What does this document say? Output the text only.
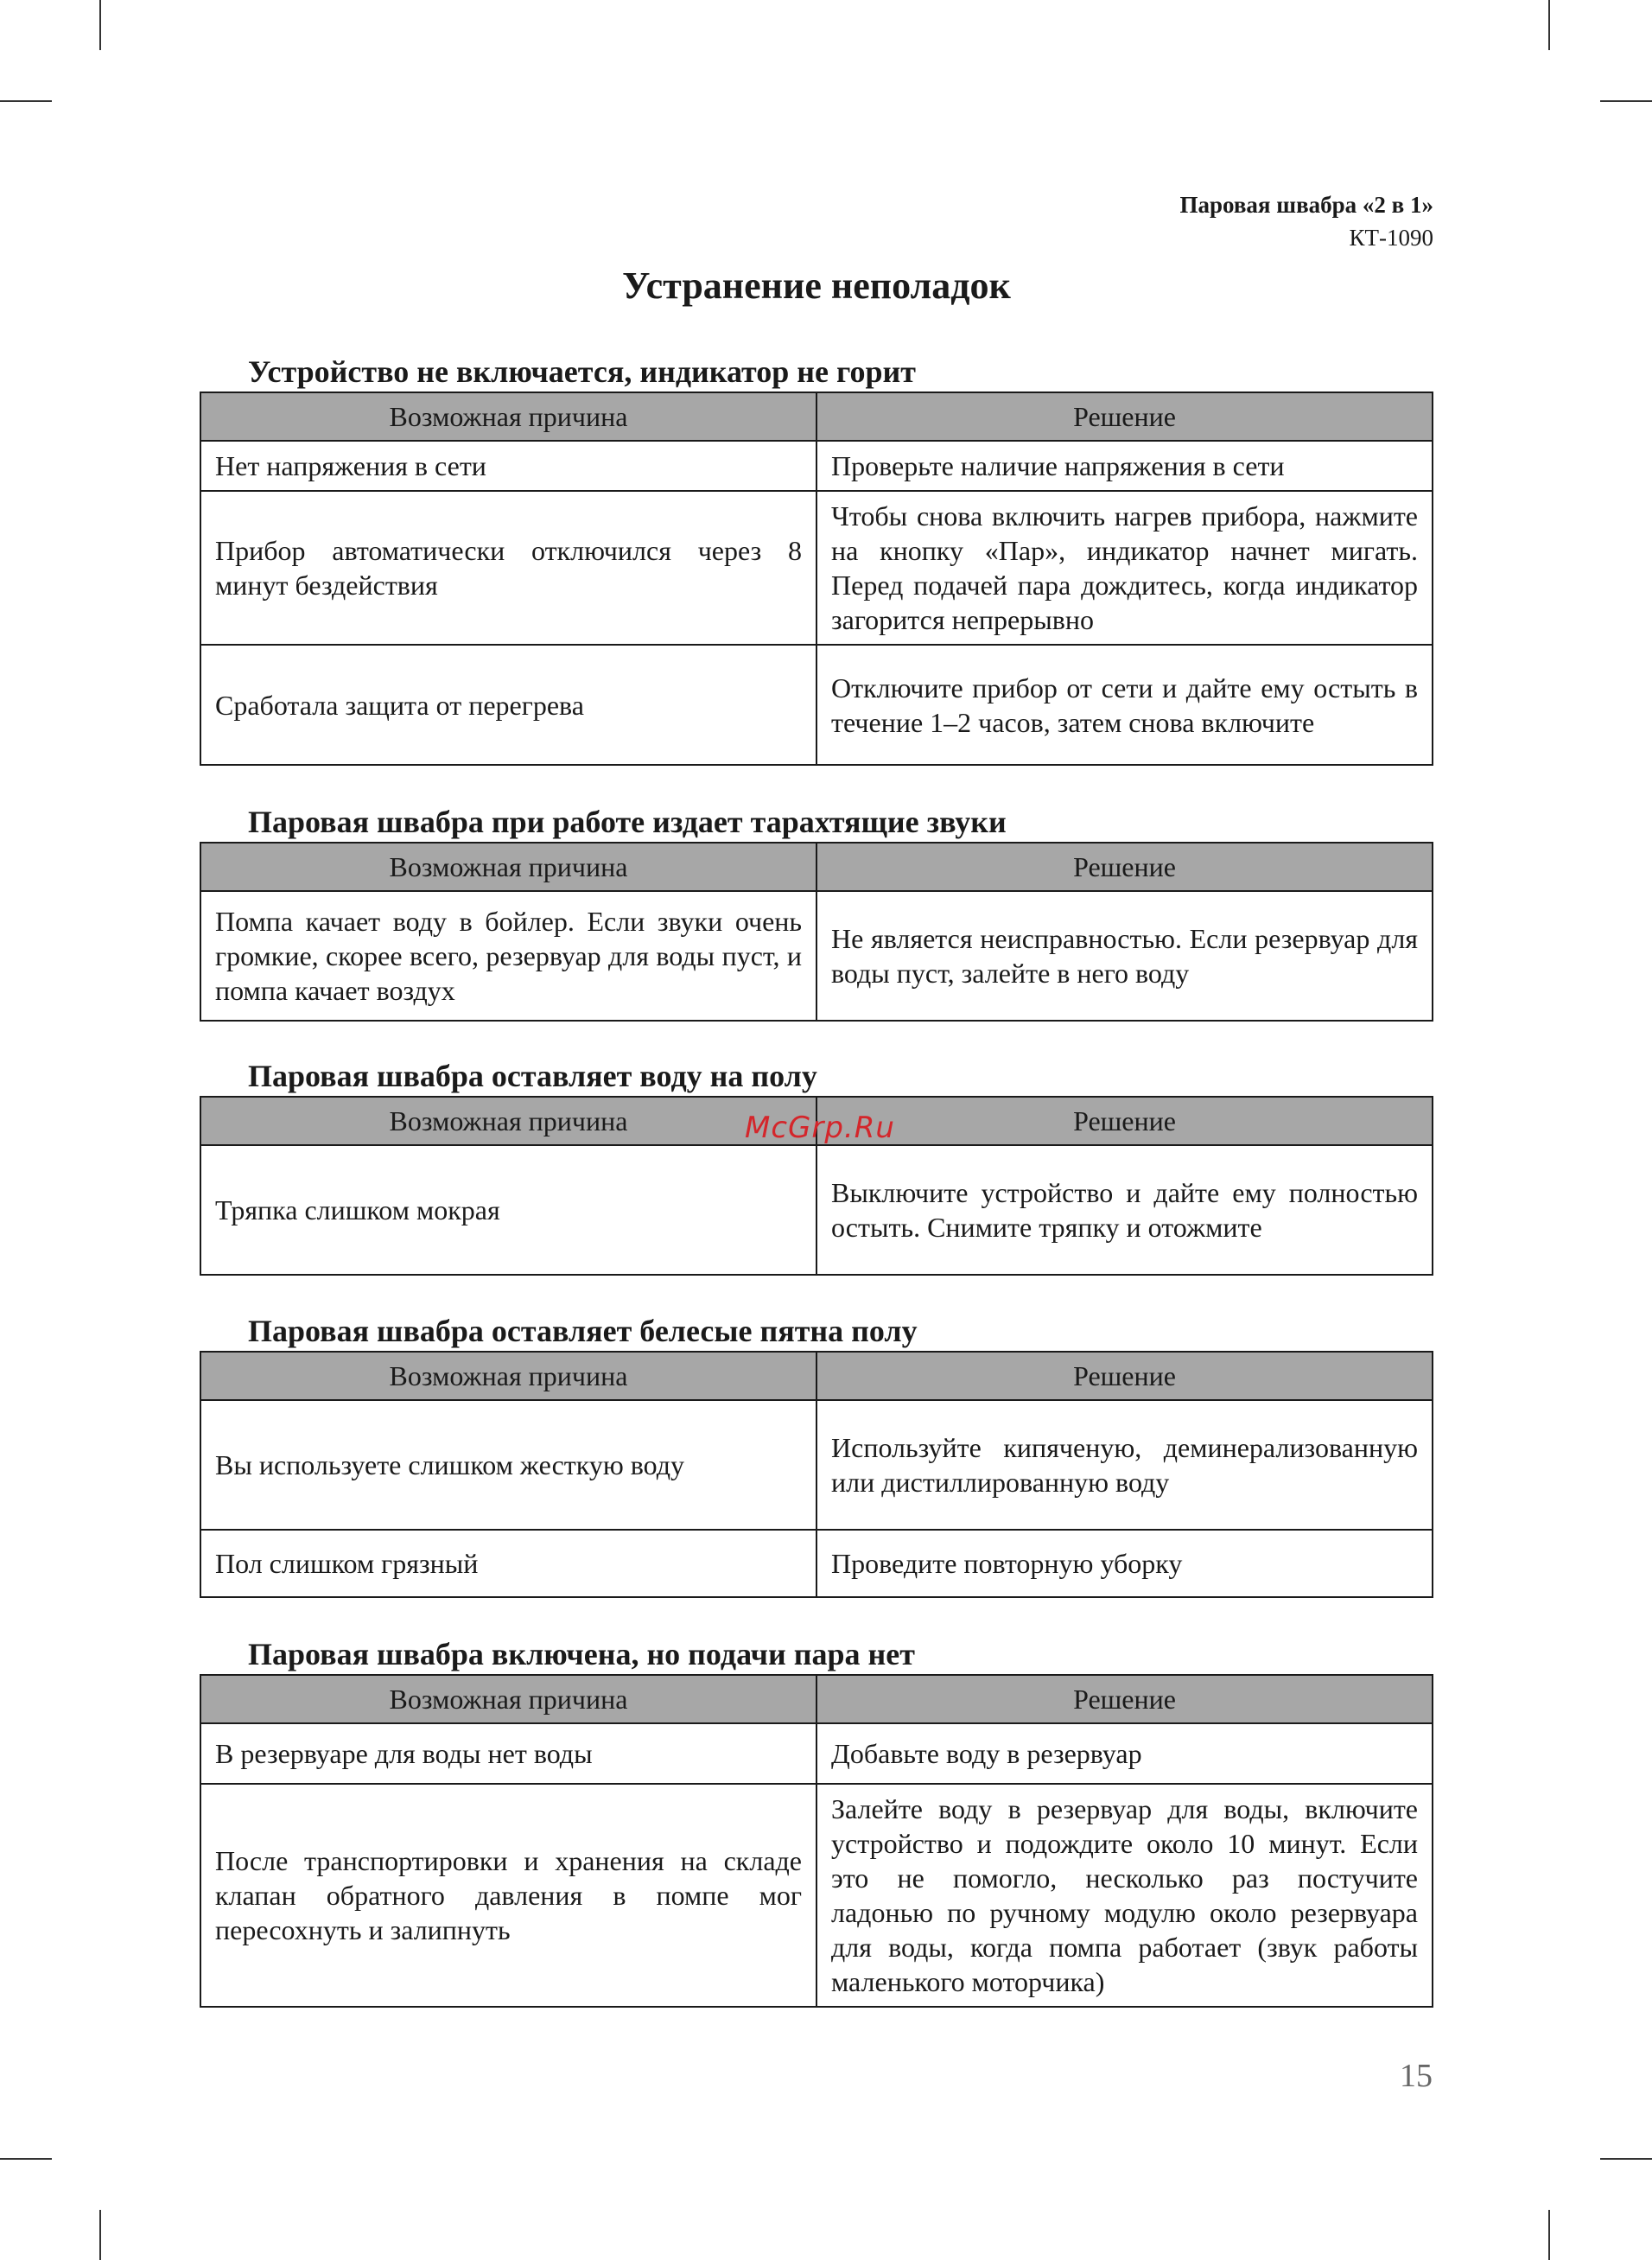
Паровая швабра «2 в 1»
КТ-1090
Устранение неполадок
Устройство не включается, индикатор не горит
Возможная причина	Решение
Нет напряжения в сети	Проверьте наличие напряжения в сети
Прибор автоматически отключился через 8 минут бездействия	Чтобы снова включить нагрев прибора, нажмите на кнопку «Пар», индикатор начнет мигать. Перед подачей пара дождитесь, когда индикатор загорится непрерывно
Сработала защита от перегрева	Отключите прибор от сети и дайте ему остыть в течение 1–2 часов, затем снова включите
Паровая швабра при работе издает тарахтящие звуки
Возможная причина	Решение
Помпа качает воду в бойлер. Если звуки очень громкие, скорее всего, резервуар для воды пуст, и помпа качает воздух	Не является неисправностью. Если резервуар для воды пуст, залейте в него воду
Паровая швабра оставляет воду на полу
Возможная причина	Решение
Тряпка слишком мокрая	Выключите устройство и дайте ему полностью остыть. Снимите тряпку и отожмите
Паровая швабра оставляет белесые пятна полу
Возможная причина	Решение
Вы используете слишком жесткую воду	Используйте кипяченую, деминерализованную или дистиллированную воду
Пол слишком грязный	Проведите повторную уборку
Паровая швабра включена, но подачи пара нет
Возможная причина	Решение
В резервуаре для воды нет воды	Добавьте воду в резервуар
После транспортировки и хранения на складе клапан обратного давления в помпе мог пересохнуть и залипнуть	Залейте воду в резервуар для воды, включите устройство и подождите около 10 минут. Если это не помогло, несколько раз постучите ладонью по ручному модулю около резервуара для воды, когда помпа работает (звук работы маленького моторчика)
McGrp.Ru
15
